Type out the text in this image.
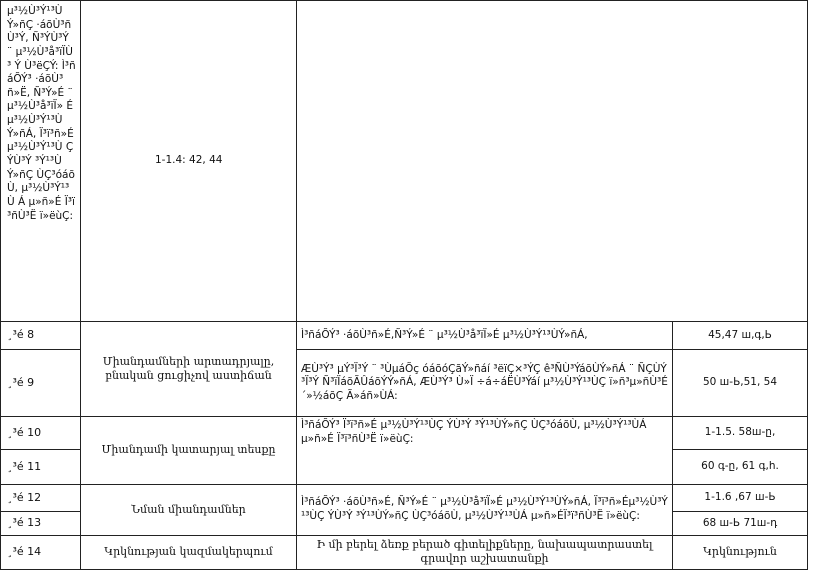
µ³½Ù³Ý¹³Ù Ý»ñÇ ·áõÙ³ñÙ³Ý, Ñ³ÝÙ³Ý ¨ µ³½Ù³å³ïÏÙ³ Ý Ù³ëÇÝ: Ì³ñáÕÝ³ ·áõÙ³ñ»Ë, Ñ³Ý»É ¨ µ³½Ù³å³ïÏ» É µ³½Ù³Ý¹³Ù Ý»ñÁ, Ï³ï³ñ»É µ³½Ù³Ý¹³Ù Ç ÝÙ³Ý ³Ý¹³ÙÝ»ñÇ ÙÇ³óáõÙ, µ³½Ù³Ý¹³Ù Á µ»ñ»É Ï³ï³ñÙ³Ë ï»ëùÇ:	1-1.4: 42, 44		
¸³é 8	Միանդամների արտադրյալը, բնական ցուցիչով աստիճան	Ì³ñáÕÝ³ ·áõÙ³ñ»É,Ñ³Ý»É ¨ µ³½Ù³å³ïÏ»É µ³½Ù³Ý¹³ÙÝ»ñÁ,	45,47 ш,գ,Ь
¸³é 9		ÆÙ³Ý³ µÝ³Ï³Ý ¨ ³ÙµáÕç óáõóÇãÝ»ñáí ³ëïÇ×³ÝÇ ê³ÑÙ³ÝáõÙÝ»ñÁ ¨ ÑÇÙÝ³Ï³Ý Ñ³ïÏáõÃÛáõÝÝ»ñÁ, ÆÙ³Ý³ Ù»Ï ÷á÷áËÙ³Ýáí µ³½Ù³Ý¹³ÙÇ ï»ñ³µ»ñÙ³É ´»½áõÇ Ã»áñ»ÙÁ:	50 ш-Ь,51, 54
¸³é 10	Միանդամի կատարյալ տեսքը	Ì³ñáÕÝ³ Ï³ï³ñ»É µ³½Ù³Ý¹³ÙÇ ÝÙ³Ý ³Ý¹³ÙÝ»ñÇ ÙÇ³óáõÙ, µ³½Ù³Ý¹³ÙÁ µ»ñ»É Ï³ï³ñÙ³Ë ï»ëùÇ:	1-1.5. 58ш-ը,
¸³é 11			60 գ-ը, 61 գ,h.
¸³é 12	Նման միանդամներ	Ì³ñáÕÝ³ ·áõÙ³ñ»É, Ñ³Ý»É ¨ µ³½Ù³å³ïÏ»É µ³½Ù³Ý¹³ÙÝ»ñÁ, Ï³ï³ñ»Éµ³½Ù³Ý¹³ÙÇ ÝÙ³Ý ³Ý¹³ÙÝ»ñÇ ÙÇ³óáõÙ, µ³½Ù³Ý¹³ÙÁ µ»ñ»ÉÏ³ï³ñÙ³Ë ï»ëùÇ:	1-1.6 ,67 ш-Ь
¸³é 13			68 ш-Ь 71ш-դ
¸³é 14	Կրկնության կազմակերպում	Ի մի բերել ձեռք բերած գիտելիքները, նախապատրաստել գրավոր աշխատանքի	Կրկնություն
